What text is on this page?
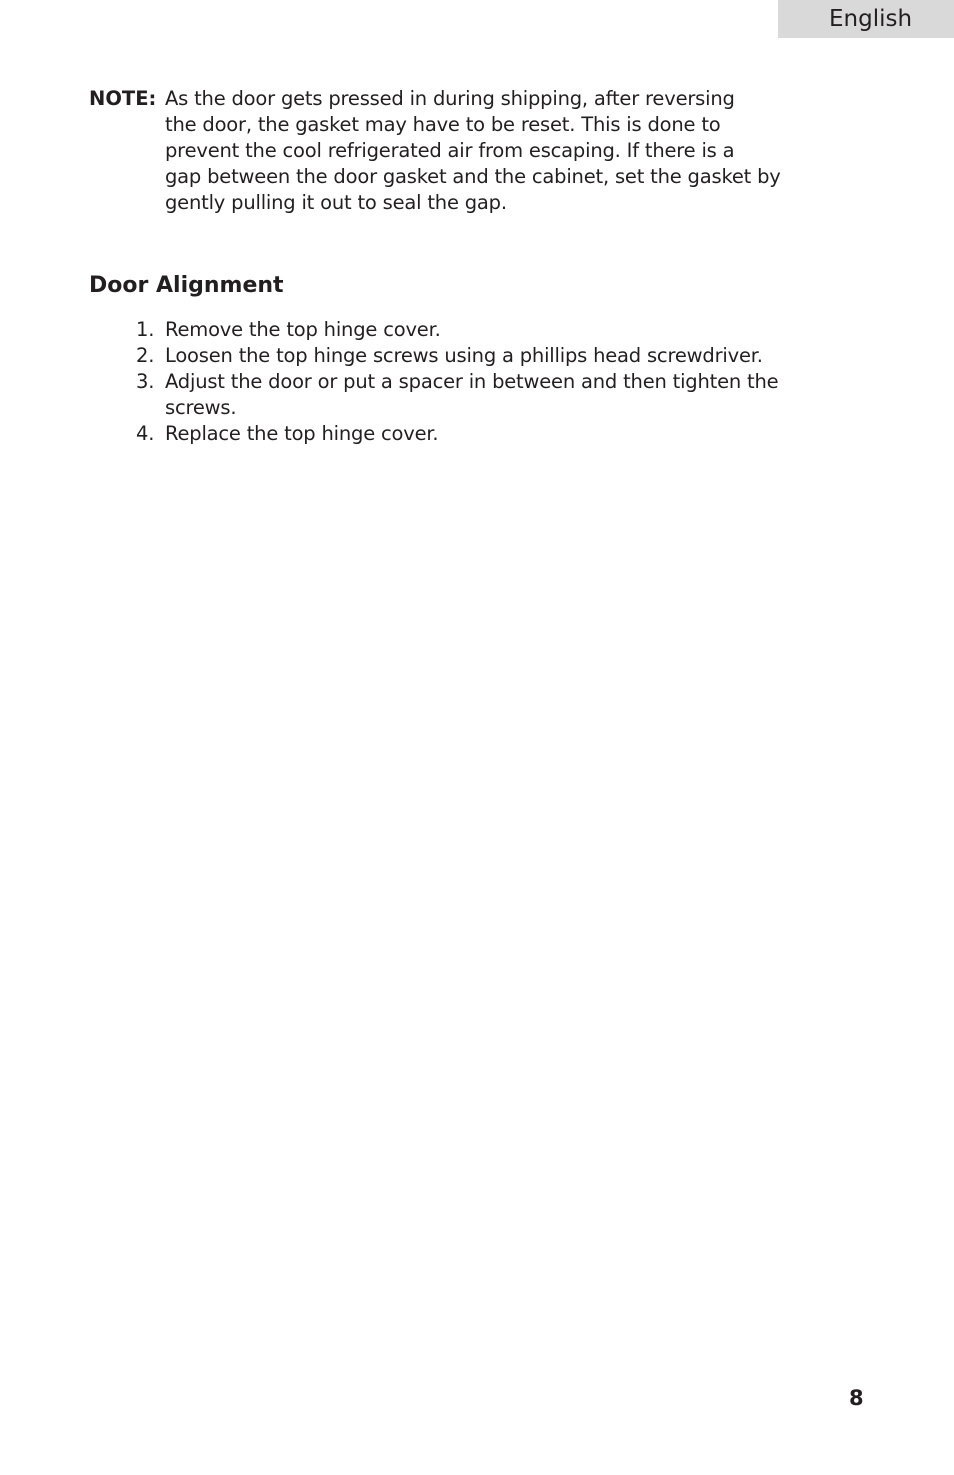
English
NOTE: As the door gets pressed in during shipping, after reversing
the door, the gasket may have to be reset. This is done to
prevent the cool refrigerated air from escaping. If there is a
gap between the door gasket and the cabinet, set the gasket by
gently pulling it out to seal the gap.
Door Alignment
1. Remove the top hinge cover.
2. Loosen the top hinge screws using a phillips head screwdriver.
3. Adjust the door or put a spacer in between and then tighten the
screws.
4. Replace the top hinge cover.
8
